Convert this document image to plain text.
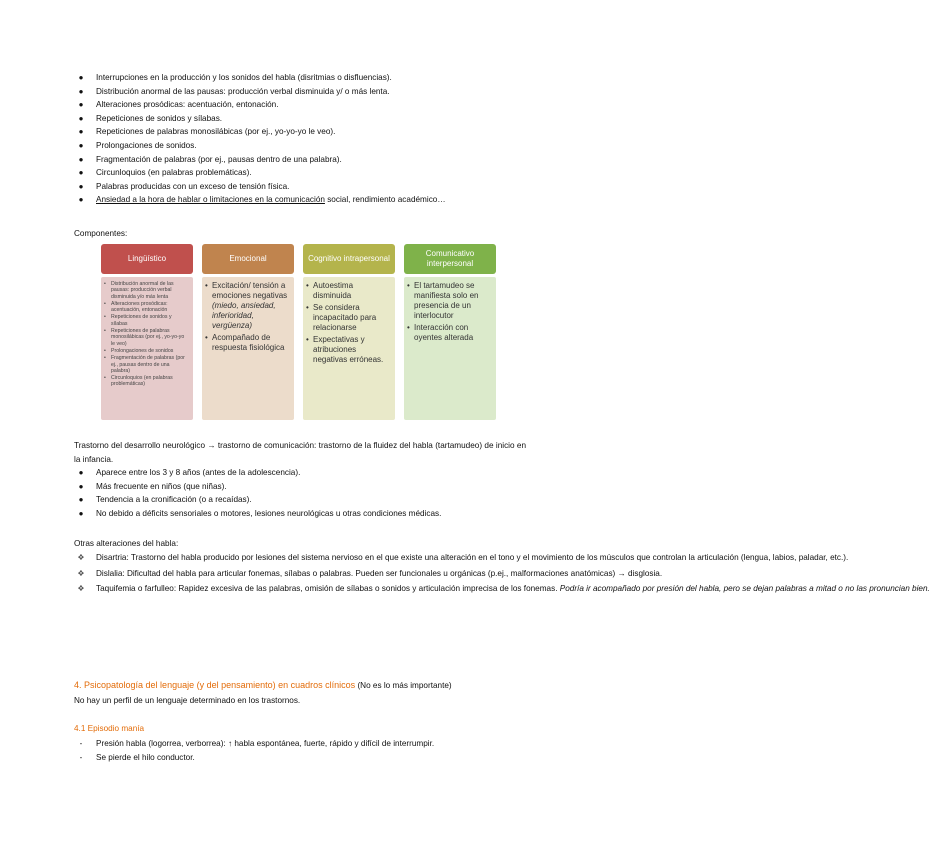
●	Interrupciones en la producción y los sonidos del habla (disritmias o disfluencias).
●	Distribución anormal de las pausas: producción verbal disminuida y/ o más lenta.
●	Alteraciones prosódicas: acentuación, entonación.
●	Repeticiones de sonidos y sílabas.
●	Repeticiones de palabras monosilábicas (por ej., yo-yo-yo le veo).
●	Prolongaciones de sonidos.
●	Fragmentación de palabras (por ej., pausas dentro de una palabra).
●	Circunloquios (en palabras problemáticas).
●	Palabras producidas con un exceso de tensión física.
●	Ansiedad a la hora de hablar o limitaciones en la comunicación social, rendimiento académico…
Componentes:
Lingüístico
• Distribución anormal de las pausas: producción verbal disminuida y/o más lenta
• Alteraciones prosódicas: acentuación, entonación
• Repeticiones de sonidos y sílabas
• Repeticiones de palabras monosilábicas (por ej., yo-yo-yo le veo)
• Prolongaciones de sonidos
• Fragmentación de palabras (por ej., pausas dentro de una palabra)
• Circunloquios (en palabras problemáticas)
Emocional
• Excitación/ tensión a emociones negativas (miedo, ansiedad, inferioridad, vergüenza)
• Acompañado de respuesta fisiológica
Cognitivo intrapersonal
• Autoestima disminuida
• Se considera incapacitado para relacionarse
• Expectativas y atribuciones negativas erróneas.
Comunicativo interpersonal
• El tartamudeo se manifiesta solo en presencia de un interlocutor
• Interacción con oyentes alterada
Trastorno del desarrollo neurológico → trastorno de comunicación: trastorno de la fluidez del habla (tartamudeo) de inicio en la infancia.
●	Aparece entre los 3 y 8 años (antes de la adolescencia).
●	Más frecuente en niños (que niñas).
●	Tendencia a la cronificación (o a recaídas).
●	No debido a déficits sensoriales o motores, lesiones neurológicas u otras condiciones médicas.
Otras alteraciones del habla:
❖	Disartria: Trastorno del habla producido por lesiones del sistema nervioso en el que existe una alteración en el tono y el movimiento de los músculos que controlan la articulación (lengua, labios, paladar, etc.).
❖	Dislalia: Dificultad del habla para articular fonemas, sílabas o palabras. Pueden ser funcionales u orgánicas (p.ej., malformaciones anatómicas) → disglosia.
❖	Taquifemia o farfulleo: Rapidez excesiva de las palabras, omisión de sílabas o sonidos y articulación imprecisa de los fonemas. Podría ir acompañado por presión del habla, pero se dejan palabras a mitad o no las pronuncian bien.
4. Psicopatología del lenguaje (y del pensamiento) en cuadros clínicos (No es lo más importante)
No hay un perfil de un lenguaje determinado en los trastornos.
4.1 Episodio manía
-	Presión habla (logorrea, verborrea): ↑ habla espontánea, fuerte, rápido y difícil de interrumpir.
-	Se pierde el hilo conductor.
